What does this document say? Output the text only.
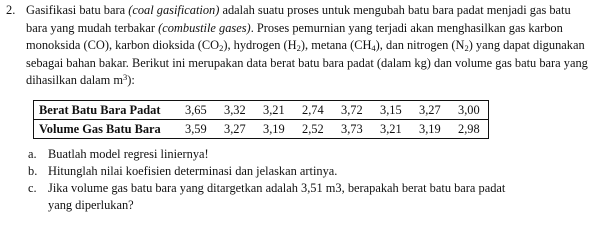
2. Gasifikasi batu bara (coal gasification) adalah suatu proses untuk mengubah batu bara padat menjadi gas batu bara yang mudah terbakar (combustile gases). Proses pemurnian yang terjadi akan menghasilkan gas karbon monoksida (CO), karbon dioksida $(CO_2)$, hydrogen $(H_2)$, metana $(CH_4)$, dan nitrogen $(N_2)$ yang dapat digunakan sebagai bahan bakar. Berikut ini merupakan data berat batu bara padat (dalam kg) dan volume gas batu bara yang dihasilkan dalam $m^3$):

Berat Batu Bara Padat	3,65	3,32	3,21	2,74	3,72	3,15	3,27	3,00
Volume Gas Batu Bara	3,59	3,27	3,19	2,52	3,73	3,21	3,19	2,98
a. Buatlah model regresi liniernya!
b. Hitunglah nilai koefisien determinasi dan jelaskan artinya.
c. Jika volume gas batu bara yang ditargetkan adalah 3,51 m3, berapakah berat batu bara padat yang diperlukan?
